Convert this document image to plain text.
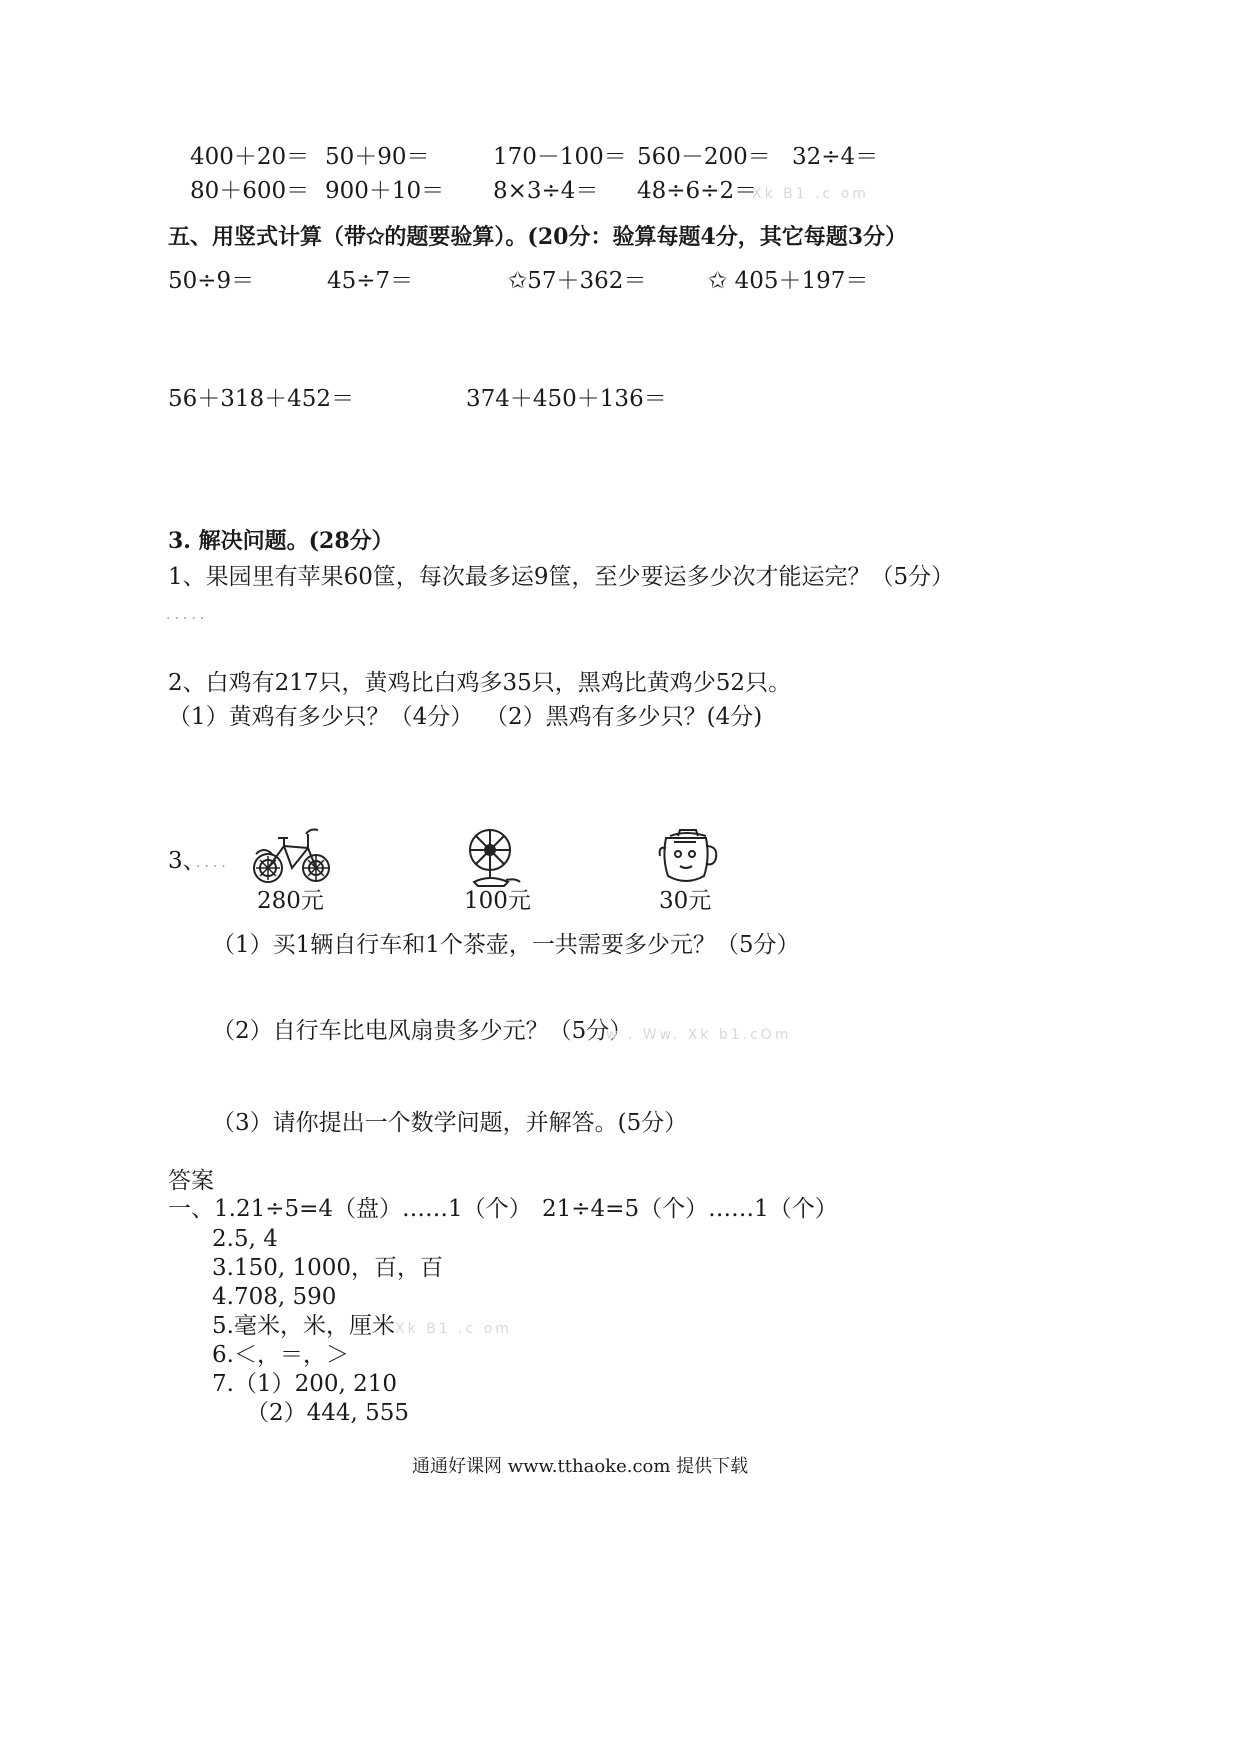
400＋20＝ 50＋90＝	170－100＝ 560－200＝ 32÷4＝
80＋600＝ 900＋10＝ 8×3÷4＝ 48÷6÷2＝
Xk B1 .c om
五、用竖式计算（带✩的题要验算）。(20分：验算每题4分，其它每题3分）
50÷9＝	45÷7＝	✩57＋362＝	✩ 405＋197＝
56＋318＋452＝	374＋450＋136＝
3. 解决问题。(28分）
1、果园里有苹果60筐，每次最多运9筐，至少要运多少次才能运完？（5分）
.....
2、白鸡有217只，黄鸡比白鸡多35只，黑鸡比黄鸡少52只。
（1）黄鸡有多少只？（4分） （2）黑鸡有多少只？(4分)
3、
....
280元	100元	30元
（1）买1辆自行车和1个茶壶，一共需要多少元？（5分）
（2）自行车比电风扇贵多少元？（5分）
w . Ww. Xk b1.cOm
（3）请你提出一个数学问题，并解答。(5分）
答案
一、1.21÷5=4（盘）……1（个） 21÷4=5（个）……1（个）
2.5, 4
3.150, 1000，百，百
4.708, 590
5.毫米，米，厘米 Xk B1 .c om
6.＜，＝，＞
7.（1）200, 210
（2）444, 555
通通好课网 www.tthaoke.com 提供下载
